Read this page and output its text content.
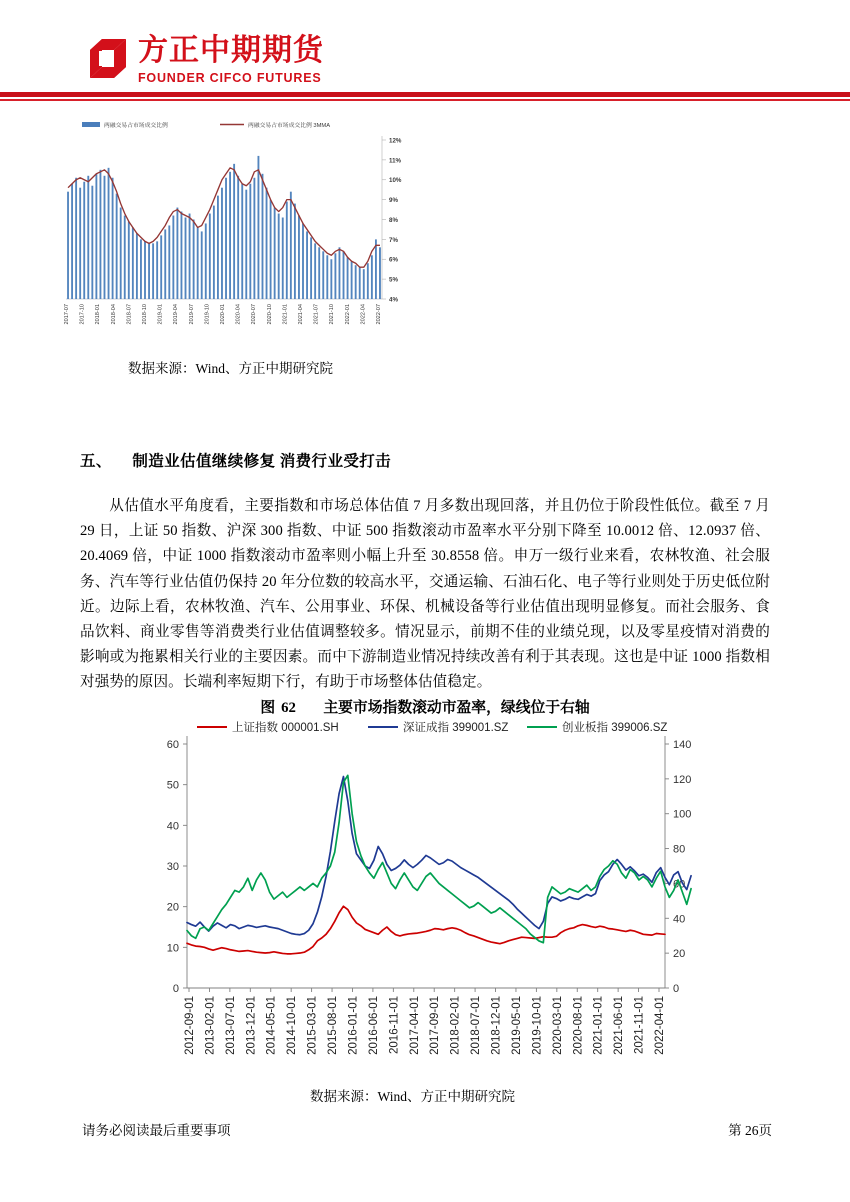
方正中期期货
FOUNDER CIFCO FUTURES
4%
5%
6%
7%
8%
9%
10%
11%
12%
2017-07 2017-10 2018-01 2018-04 2018-07 2018-10 2019-01 2019-04 2019-07 2019-10 2020-01 2020-04 2020-07 2020-10 2021-01 2021-04 2021-07 2021-10 2022-01 2022-04 2022-07
两融交易占市场成交比例	两融交易占市场成交比例 3MMA
数据来源：Wind、方正中期研究院
五、 制造业估值继续修复 消费行业受打击
从估值水平角度看，主要指数和市场总体估值 7 月多数出现回落，并且仍位于阶段性低位。截至 7 月 29 日，上证 50 指数、沪深 300 指数、中证 500 指数滚动市盈率水平分别下降至 10.0012 倍、12.0937 倍、20.4069 倍，中证 1000 指数滚动市盈率则小幅上升至 30.8558 倍。申万一级行业来看，农林牧渔、社会服务、汽车等行业估值仍保持 20 年分位数的较高水平，交通运输、石油石化、电子等行业则处于历史低位附近。边际上看，农林牧渔、汽车、公用事业、环保、机械设备等行业估值出现明显修复。而社会服务、食品饮料、商业零售等消费类行业估值调整较多。情况显示，前期不佳的业绩兑现，以及零星疫情对消费的影响或为拖累相关行业的主要因素。而中下游制造业情况持续改善有利于其表现。这也是中证 1000 指数相对强势的原因。长端利率短期下行，有助于市场整体估值稳定。
图 62 主要市场指数滚动市盈率，绿线位于右轴
0
10
20
30
40
50
60
0
20
40
60
80
100
120
140
2012-09-01 2013-02-01 2013-07-01 2013-12-01 2014-05-01 2014-10-01 2015-03-01 2015-08-01 2016-01-01 2016-06-01 2016-11-01 2017-04-01 2017-09-01 2018-02-01 2018-07-01 2018-12-01 2019-05-01 2019-10-01 2020-03-01 2020-08-01 2021-01-01 2021-06-01 2021-11-01 2022-04-01
上证指数 000001.SH	深证成指 399001.SZ	创业板指 399006.SZ
数据来源：Wind、方正中期研究院
请务必阅读最后重要事项	第 26页
